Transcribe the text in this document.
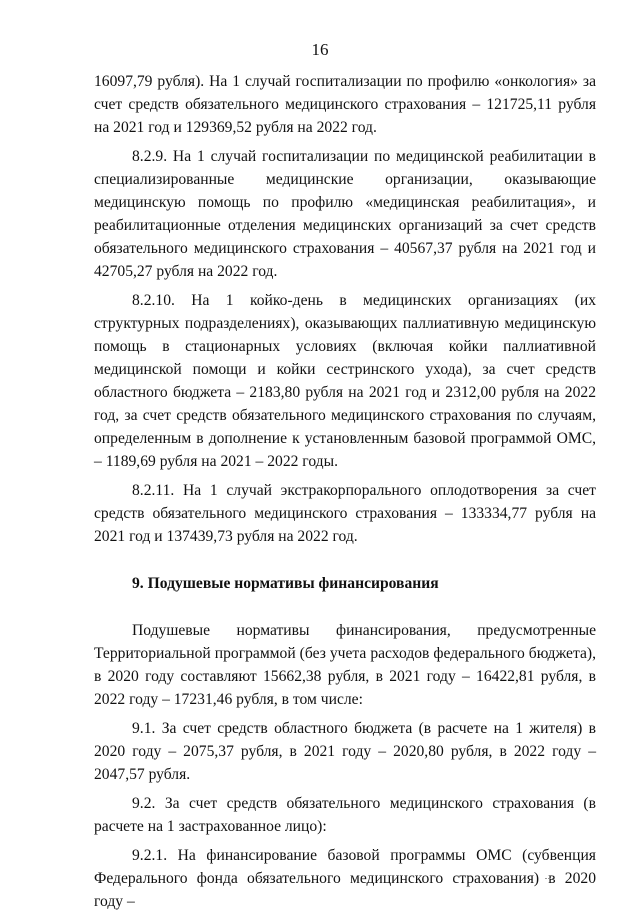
16

16097,79 рубля). На 1 случай госпитализации по профилю «онкология» за счет средств обязательного медицинского страхования – 121725,11 рубля на 2021 год и 129369,52 рубля на 2022 год.

8.2.9. На 1 случай госпитализации по медицинской реабилитации в специализированные медицинские организации, оказывающие медицинскую помощь по профилю «медицинская реабилитация», и реабилитационные отделения медицинских организаций за счет средств обязательного медицинского страхования – 40567,37 рубля на 2021 год и 42705,27 рубля на 2022 год.

8.2.10. На 1 койко-день в медицинских организациях (их структурных подразделениях), оказывающих паллиативную медицинскую помощь в стационарных условиях (включая койки паллиативной медицинской помощи и койки сестринского ухода), за счет средств областного бюджета – 2183,80 рубля на 2021 год и 2312,00 рубля на 2022 год, за счет средств обязательного медицинского страхования по случаям, определенным в дополнение к установленным базовой программой ОМС, – 1189,69 рубля на 2021 – 2022 годы.

8.2.11. На 1 случай экстракорпорального оплодотворения за счет средств обязательного медицинского страхования – 133334,77 рубля на 2021 год и 137439,73 рубля на 2022 год.

9. Подушевые нормативы финансирования

Подушевые нормативы финансирования, предусмотренные Территориальной программой (без учета расходов федерального бюджета), в 2020 году составляют 15662,38 рубля, в 2021 году – 16422,81 рубля, в 2022 году – 17231,46 рубля, в том числе:

9.1. За счет средств областного бюджета (в расчете на 1 жителя) в 2020 году – 2075,37 рубля, в 2021 году – 2020,80 рубля, в 2022 году – 2047,57 рубля.

9.2. За счет средств обязательного медицинского страхования (в расчете на 1 застрахованное лицо):

9.2.1. На финансирование базовой программы ОМС (субвенция Федерального фонда обязательного медицинского страхования) в 2020 году –
